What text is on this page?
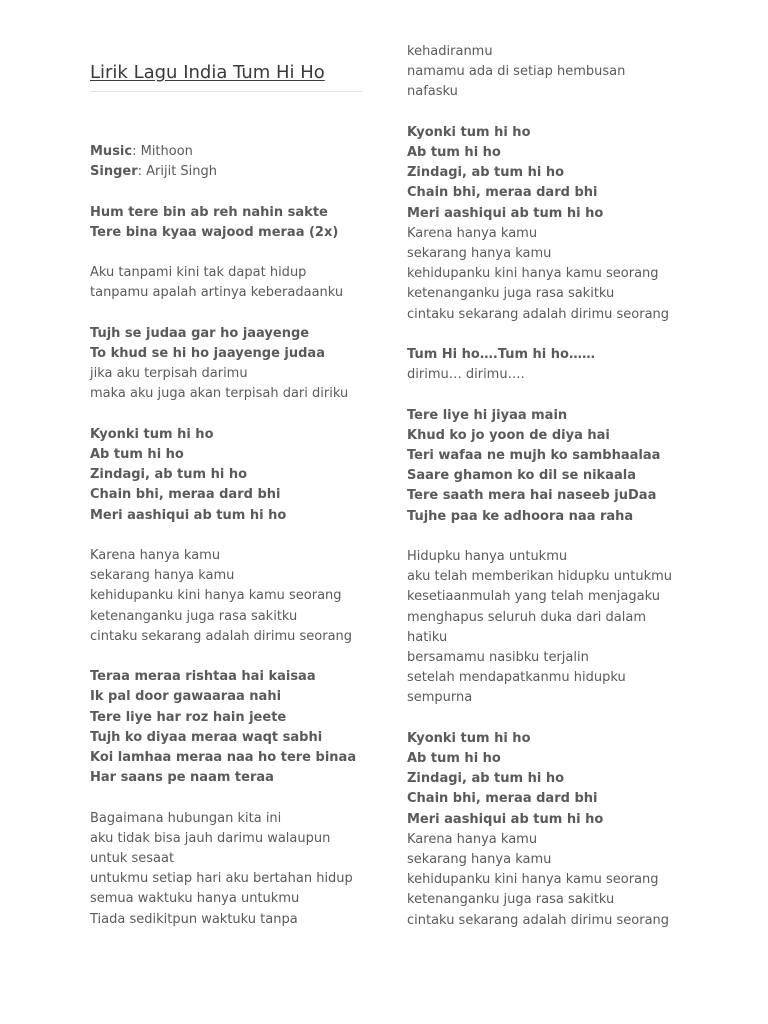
Lirik Lagu India Tum Hi Ho
Music: Mithoon
Singer: Arijit Singh
Hum tere bin ab reh nahin sakte
Tere bina kyaa wajood meraa (2x)
Aku tanpami kini tak dapat hidup
tanpamu apalah artinya keberadaanku
Tujh se judaa gar ho jaayenge
To khud se hi ho jaayenge judaa
jika aku terpisah darimu
maka aku juga akan terpisah dari diriku
Kyonki tum hi ho
Ab tum hi ho
Zindagi, ab tum hi ho
Chain bhi, meraa dard bhi
Meri aashiqui ab tum hi ho
Karena hanya kamu
sekarang hanya kamu
kehidupanku kini hanya kamu seorang
ketenanganku juga rasa sakitku
cintaku sekarang adalah dirimu seorang
Teraa meraa rishtaa hai kaisaa
Ik pal door gawaaraa nahi
Tere liye har roz hain jeete
Tujh ko diyaa meraa waqt sabhi
Koi lamhaa meraa naa ho tere binaa
Har saans pe naam teraa
Bagaimana hubungan kita ini
aku tidak bisa jauh darimu walaupun
untuk sesaat
untukmu setiap hari aku bertahan hidup
semua waktuku hanya untukmu
Tiada sedikitpun waktuku tanpa
kehadiranmu
namamu ada di setiap hembusan
nafasku
Kyonki tum hi ho
Ab tum hi ho
Zindagi, ab tum hi ho
Chain bhi, meraa dard bhi
Meri aashiqui ab tum hi ho
Karena hanya kamu
sekarang hanya kamu
kehidupanku kini hanya kamu seorang
ketenanganku juga rasa sakitku
cintaku sekarang adalah dirimu seorang
Tum Hi ho….Tum hi ho……
dirimu… dirimu….
Tere liye hi jiyaa main
Khud ko jo yoon de diya hai
Teri wafaa ne mujh ko sambhaalaa
Saare ghamon ko dil se nikaala
Tere saath mera hai naseeb juDaa
Tujhe paa ke adhoora naa raha
Hidupku hanya untukmu
aku telah memberikan hidupku untukmu
kesetiaanmulah yang telah menjagaku
menghapus seluruh duka dari dalam
hatiku
bersamamu nasibku terjalin
setelah mendapatkanmu hidupku
sempurna
Kyonki tum hi ho
Ab tum hi ho
Zindagi, ab tum hi ho
Chain bhi, meraa dard bhi
Meri aashiqui ab tum hi ho
Karena hanya kamu
sekarang hanya kamu
kehidupanku kini hanya kamu seorang
ketenanganku juga rasa sakitku
cintaku sekarang adalah dirimu seorang
